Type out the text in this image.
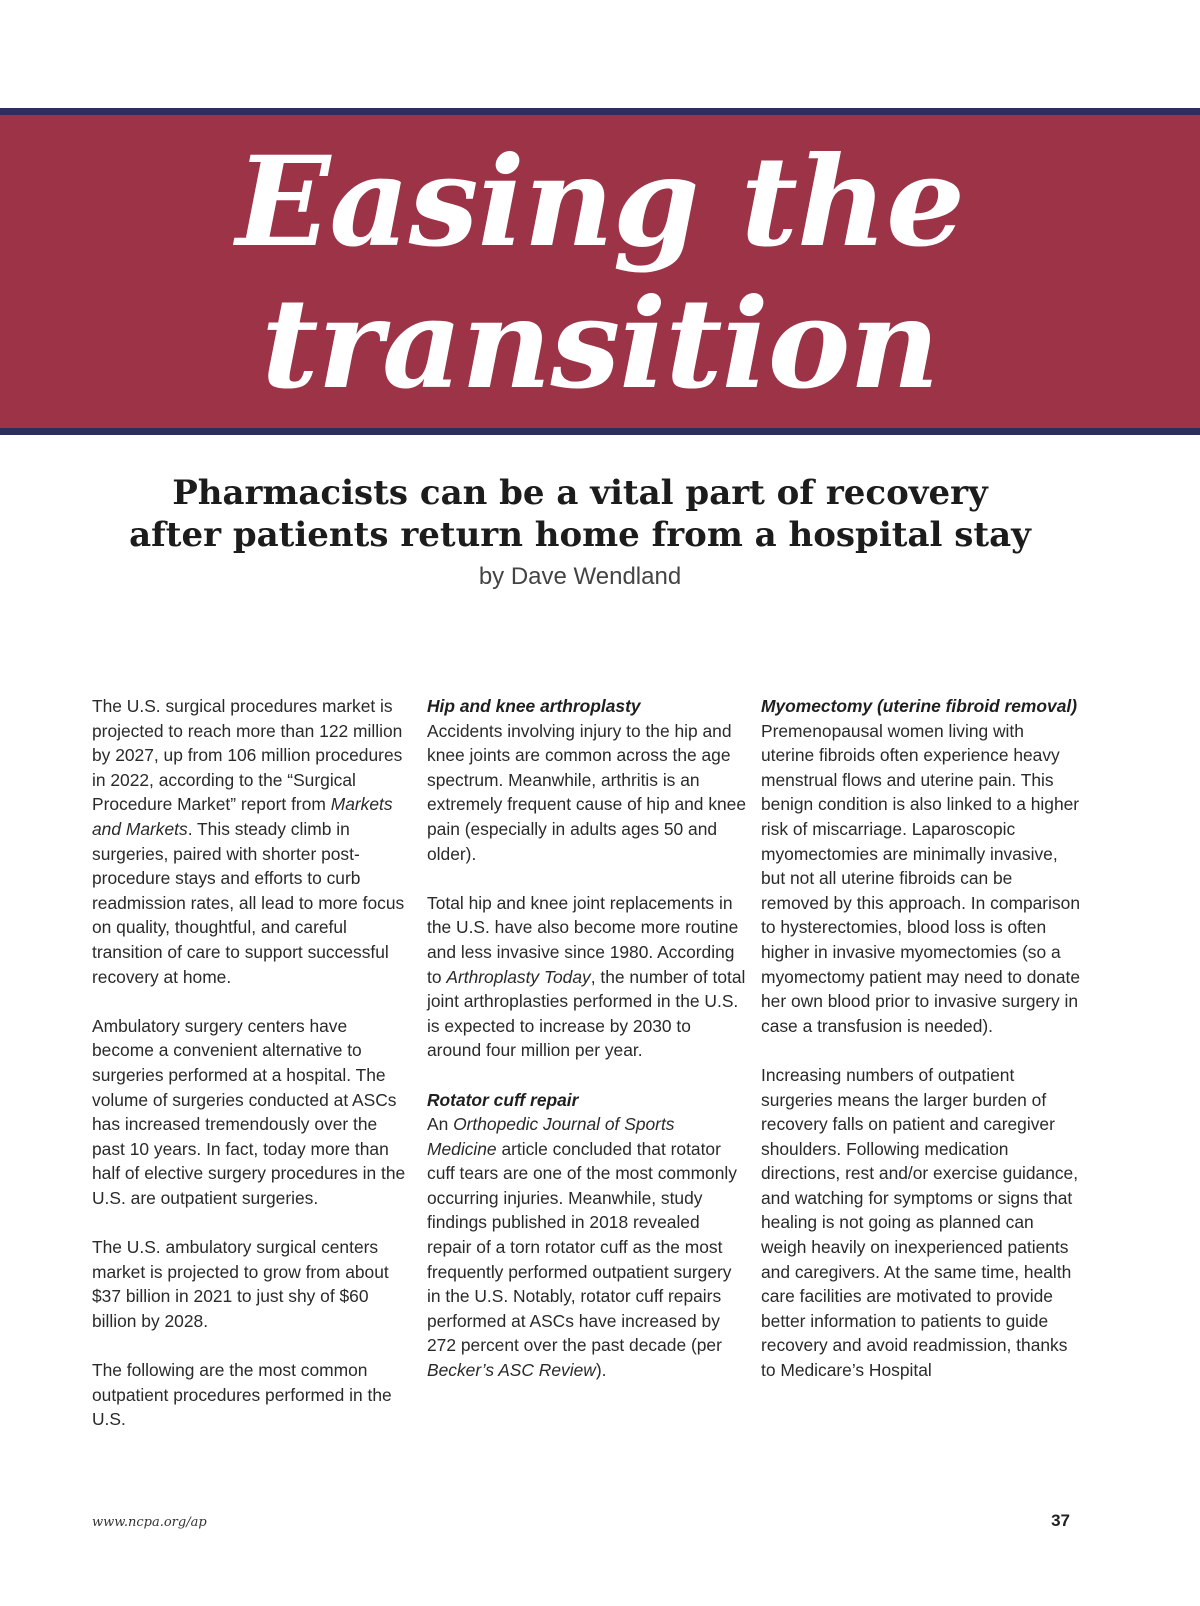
Easing the
transition
Pharmacists can be a vital part of recovery
after patients return home from a hospital stay
by Dave Wendland

The U.S. surgical procedures market is projected to reach more than 122 million by 2027, up from 106 million procedures in 2022, according to the “Surgical Procedure Market” report from Markets and Markets. This steady climb in surgeries, paired with shorter post-procedure stays and efforts to curb readmission rates, all lead to more focus on quality, thoughtful, and careful transition of care to support successful recovery at home.

Ambulatory surgery centers have become a convenient alternative to surgeries performed at a hospital. The volume of surgeries conducted at ASCs has increased tremendously over the past 10 years. In fact, today more than half of elective surgery procedures in the U.S. are outpatient surgeries.

The U.S. ambulatory surgical centers market is projected to grow from about $37 billion in 2021 to just shy of $60 billion by 2028.

The following are the most common outpatient procedures performed in the U.S.

Hip and knee arthroplasty

Accidents involving injury to the hip and knee joints are common across the age spectrum. Meanwhile, arthritis is an extremely frequent cause of hip and knee pain (especially in adults ages 50 and older).

Total hip and knee joint replacements in the U.S. have also become more routine and less invasive since 1980. According to Arthroplasty Today, the number of total joint arthroplasties performed in the U.S. is expected to increase by 2030 to around four million per year.

Rotator cuff repair

An Orthopedic Journal of Sports Medicine article concluded that rotator cuff tears are one of the most commonly occurring injuries. Meanwhile, study findings published in 2018 revealed repair of a torn rotator cuff as the most frequently performed outpatient surgery in the U.S. Notably, rotator cuff repairs performed at ASCs have increased by 272 percent over the past decade (per Becker’s ASC Review).

Myomectomy (uterine fibroid removal)

Premenopausal women living with uterine fibroids often experience heavy menstrual flows and uterine pain. This benign condition is also linked to a higher risk of miscarriage. Laparoscopic myomectomies are minimally invasive, but not all uterine fibroids can be removed by this approach. In comparison to hysterectomies, blood loss is often higher in invasive myomectomies (so a myomectomy patient may need to donate her own blood prior to invasive surgery in case a transfusion is needed).

Increasing numbers of outpatient surgeries means the larger burden of recovery falls on patient and caregiver shoulders. Following medication directions, rest and/or exercise guidance, and watching for symptoms or signs that healing is not going as planned can weigh heavily on inexperienced patients and caregivers. At the same time, health care facilities are motivated to provide better information to patients to guide recovery and avoid readmission, thanks to Medicare’s Hospital

www.ncpa.org/ap	37
